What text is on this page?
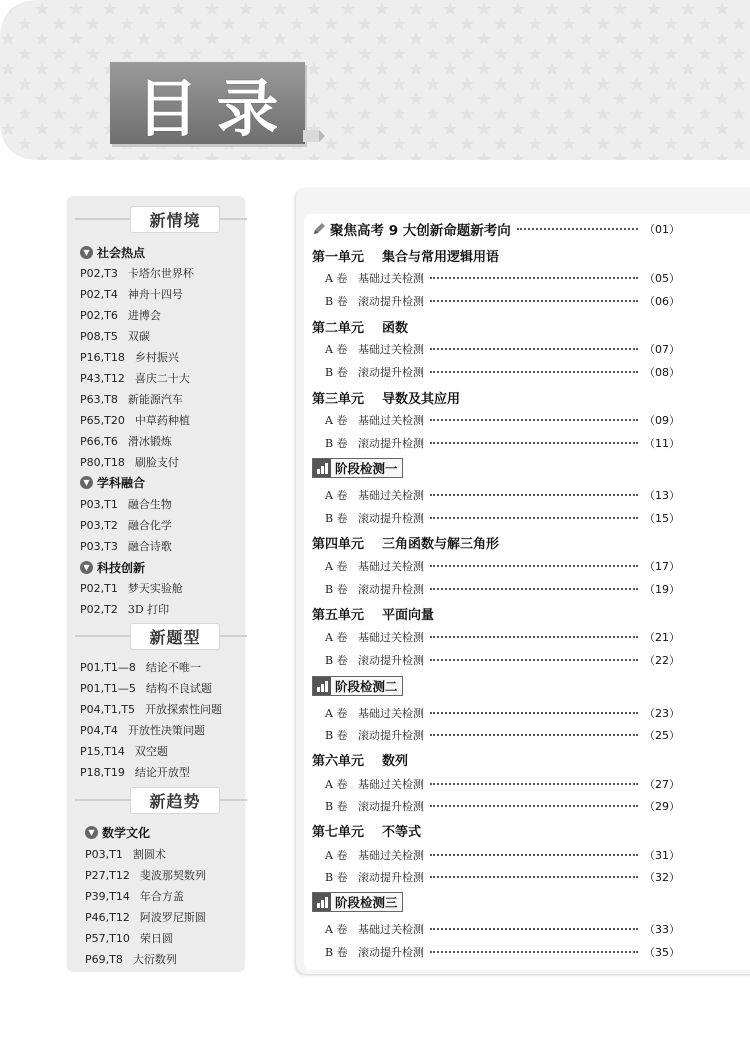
目录
新情境
▼ 社会热点
P02,T3 卡塔尔世界杯
P02,T4 神舟十四号
P02,T6 进博会
P08,T5 双碳
P16,T18 乡村振兴
P43,T12 喜庆二十大
P63,T8 新能源汽车
P65,T20 中草药种植
P66,T6 滑冰锻炼
P80,T18 刷脸支付
▼ 学科融合
P03,T1 融合生物
P03,T2 融合化学
P03,T3 融合诗歌
▼ 科技创新
P02,T1 梦天实验舱
P02,T2 3D 打印
新题型
P01,T1—8 结论不唯一
P01,T1—5 结构不良试题
P04,T1,T5 开放探索性问题
P04,T4 开放性决策问题
P15,T14 双空题
P18,T19 结论开放型
新趋势
▼ 数学文化
P03,T1 割圆术
P27,T12 斐波那契数列
P39,T14 年合方盖
P46,T12 阿波罗尼斯圆
P57,T10 荣日圆
P69,T8 大衍数列
聚焦高考 9 大创新命题新考向	（01）
第一单元 集合与常用逻辑用语
A 卷 基础过关检测	（05）
B 卷 滚动提升检测	（06）
第二单元 函数
A 卷 基础过关检测	（07）
B 卷 滚动提升检测	（08）
第三单元 导数及其应用
A 卷 基础过关检测	（09）
B 卷 滚动提升检测	（11）
阶段检测一
A 卷 基础过关检测	（13）
B 卷 滚动提升检测	（15）
第四单元 三角函数与解三角形
A 卷 基础过关检测	（17）
B 卷 滚动提升检测	（19）
第五单元 平面向量
A 卷 基础过关检测	（21）
B 卷 滚动提升检测	（22）
阶段检测二
A 卷 基础过关检测	（23）
B 卷 滚动提升检测	（25）
第六单元 数列
A 卷 基础过关检测	（27）
B 卷 滚动提升检测	（29）
第七单元 不等式
A 卷 基础过关检测	（31）
B 卷 滚动提升检测	（32）
阶段检测三
A 卷 基础过关检测	（33）
B 卷 滚动提升检测	（35）
